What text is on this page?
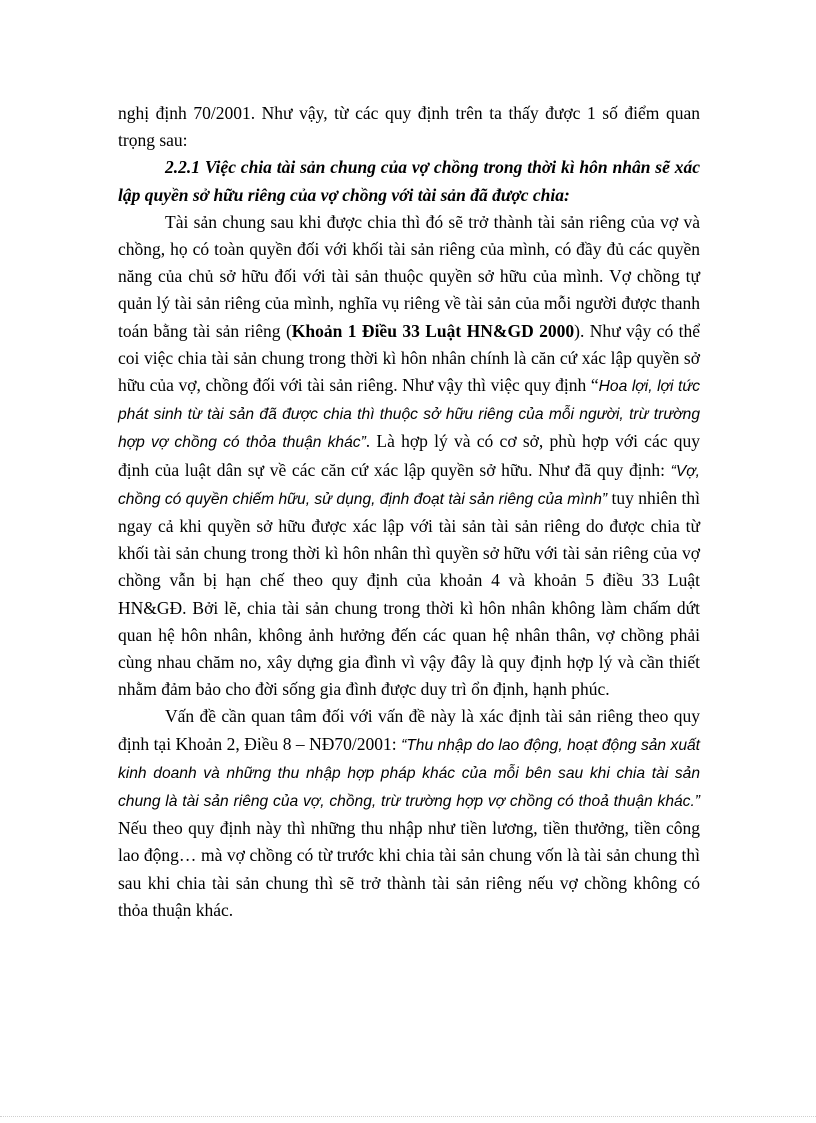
nghị định 70/2001. Như vậy, từ các quy định trên ta thấy được 1 số điểm quan trọng sau:

2.2.1 Việc chia tài sản chung của vợ chồng trong thời kì hôn nhân sẽ xác lập quyền sở hữu riêng của vợ chồng với tài sản đã được chia:

Tài sản chung sau khi được chia thì đó sẽ trở thành tài sản riêng của vợ và chồng, họ có toàn quyền đối với khối tài sản riêng của mình, có đầy đủ các quyền năng của chủ sở hữu đối với tài sản thuộc quyền sở hữu của mình. Vợ chồng tự quản lý tài sản riêng của mình, nghĩa vụ riêng về tài sản của mỗi người được thanh toán bằng tài sản riêng (Khoản 1 Điều 33 Luật HN&GD 2000). Như vậy có thể coi việc chia tài sản chung trong thời kì hôn nhân chính là căn cứ xác lập quyền sở hữu của vợ, chồng đối với tài sản riêng. Như vậy thì việc quy định “Hoa lợi, lợi tức phát sinh từ tài sản đã được chia thì thuộc sở hữu riêng của mỗi người, trừ trường hợp vợ chồng có thỏa thuận khác”. Là hợp lý và có cơ sở, phù hợp với các quy định của luật dân sự về các căn cứ xác lập quyền sở hữu. Như đã quy định: “Vợ, chồng có quyền chiếm hữu, sử dụng, định đoạt tài sản riêng của mình” tuy nhiên thì ngay cả khi quyền sở hữu được xác lập với tài sản tài sản riêng do được chia từ khối tài sản chung trong thời kì hôn nhân thì quyền sở hữu với tài sản riêng của vợ chồng vẫn bị hạn chế theo quy định của khoản 4 và khoản 5 điều 33 Luật HN&GĐ. Bởi lẽ, chia tài sản chung trong thời kì hôn nhân không làm chấm dứt quan hệ hôn nhân, không ảnh hưởng đến các quan hệ nhân thân, vợ chồng phải cùng nhau chăm no, xây dựng gia đình vì vậy đây là quy định hợp lý và cần thiết nhằm đảm bảo cho đời sống gia đình được duy trì ổn định, hạnh phúc.

Vấn đề cần quan tâm đối với vấn đề này là xác định tài sản riêng theo quy định tại Khoản 2, Điều 8 – NĐ70/2001: “Thu nhập do lao động, hoạt động sản xuất kinh doanh và những thu nhập hợp pháp khác của mỗi bên sau khi chia tài sản chung là tài sản riêng của vợ, chồng, trừ trường hợp vợ chồng có thoả thuận khác.” Nếu theo quy định này thì những thu nhập như tiền lương, tiền thưởng, tiền công lao động… mà vợ chồng có từ trước khi chia tài sản chung vốn là tài sản chung thì sau khi chia tài sản chung thì sẽ trở thành tài sản riêng nếu vợ chồng không có thỏa thuận khác.
